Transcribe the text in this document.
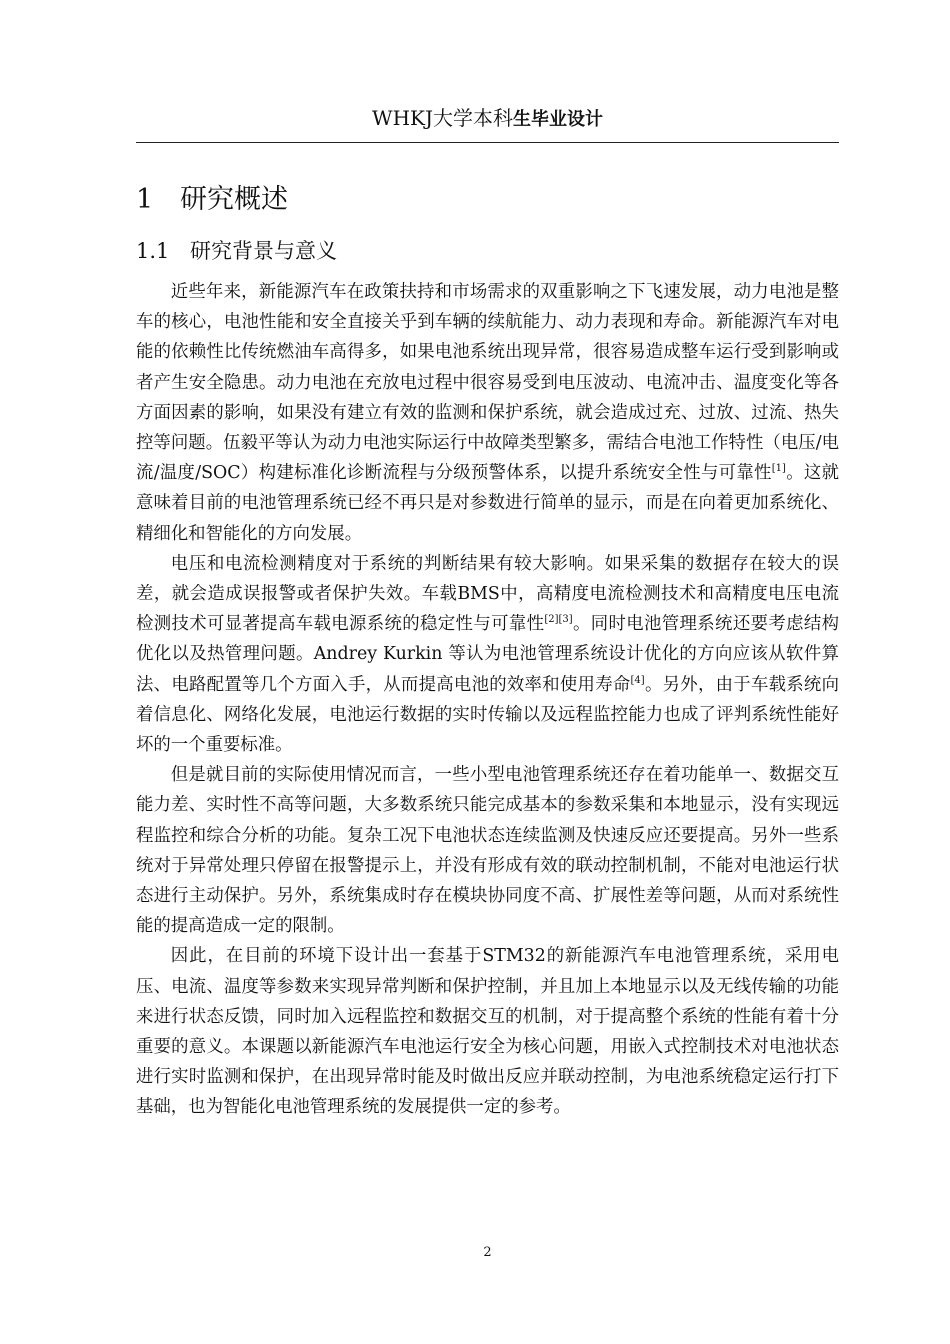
WHKJ大学本科生毕业设计
1 研究概述
1.1 研究背景与意义

近些年来，新能源汽车在政策扶持和市场需求的双重影响之下飞速发展，动力电池是整车的核心，电池性能和安全直接关乎到车辆的续航能力、动力表现和寿命。新能源汽车对电能的依赖性比传统燃油车高得多，如果电池系统出现异常，很容易造成整车运行受到影响或者产生安全隐患。动力电池在充放电过程中很容易受到电压波动、电流冲击、温度变化等各方面因素的影响，如果没有建立有效的监测和保护系统，就会造成过充、过放、过流、热失控等问题。伍毅平等认为动力电池实际运行中故障类型繁多，需结合电池工作特性（电压/电流/温度/SOC）构建标准化诊断流程与分级预警体系，以提升系统安全性与可靠性[1]。这就意味着目前的电池管理系统已经不再只是对参数进行简单的显示，而是在向着更加系统化、精细化和智能化的方向发展。

电压和电流检测精度对于系统的判断结果有较大影响。如果采集的数据存在较大的误差，就会造成误报警或者保护失效。车载BMS中，高精度电流检测技术和高精度电压电流检测技术可显著提高车载电源系统的稳定性与可靠性[2][3]。同时电池管理系统还要考虑结构优化以及热管理问题。Andrey Kurkin 等认为电池管理系统设计优化的方向应该从软件算法、电路配置等几个方面入手，从而提高电池的效率和使用寿命[4]。另外，由于车载系统向着信息化、网络化发展，电池运行数据的实时传输以及远程监控能力也成了评判系统性能好坏的一个重要标准。

但是就目前的实际使用情况而言，一些小型电池管理系统还存在着功能单一、数据交互能力差、实时性不高等问题，大多数系统只能完成基本的参数采集和本地显示，没有实现远程监控和综合分析的功能。复杂工况下电池状态连续监测及快速反应还要提高。另外一些系统对于异常处理只停留在报警提示上，并没有形成有效的联动控制机制，不能对电池运行状态进行主动保护。另外，系统集成时存在模块协同度不高、扩展性差等问题，从而对系统性能的提高造成一定的限制。

因此，在目前的环境下设计出一套基于STM32的新能源汽车电池管理系统，采用电压、电流、温度等参数来实现异常判断和保护控制，并且加上本地显示以及无线传输的功能来进行状态反馈，同时加入远程监控和数据交互的机制，对于提高整个系统的性能有着十分重要的意义。本课题以新能源汽车电池运行安全为核心问题，用嵌入式控制技术对电池状态进行实时监测和保护，在出现异常时能及时做出反应并联动控制，为电池系统稳定运行打下基础，也为智能化电池管理系统的发展提供一定的参考。

2
